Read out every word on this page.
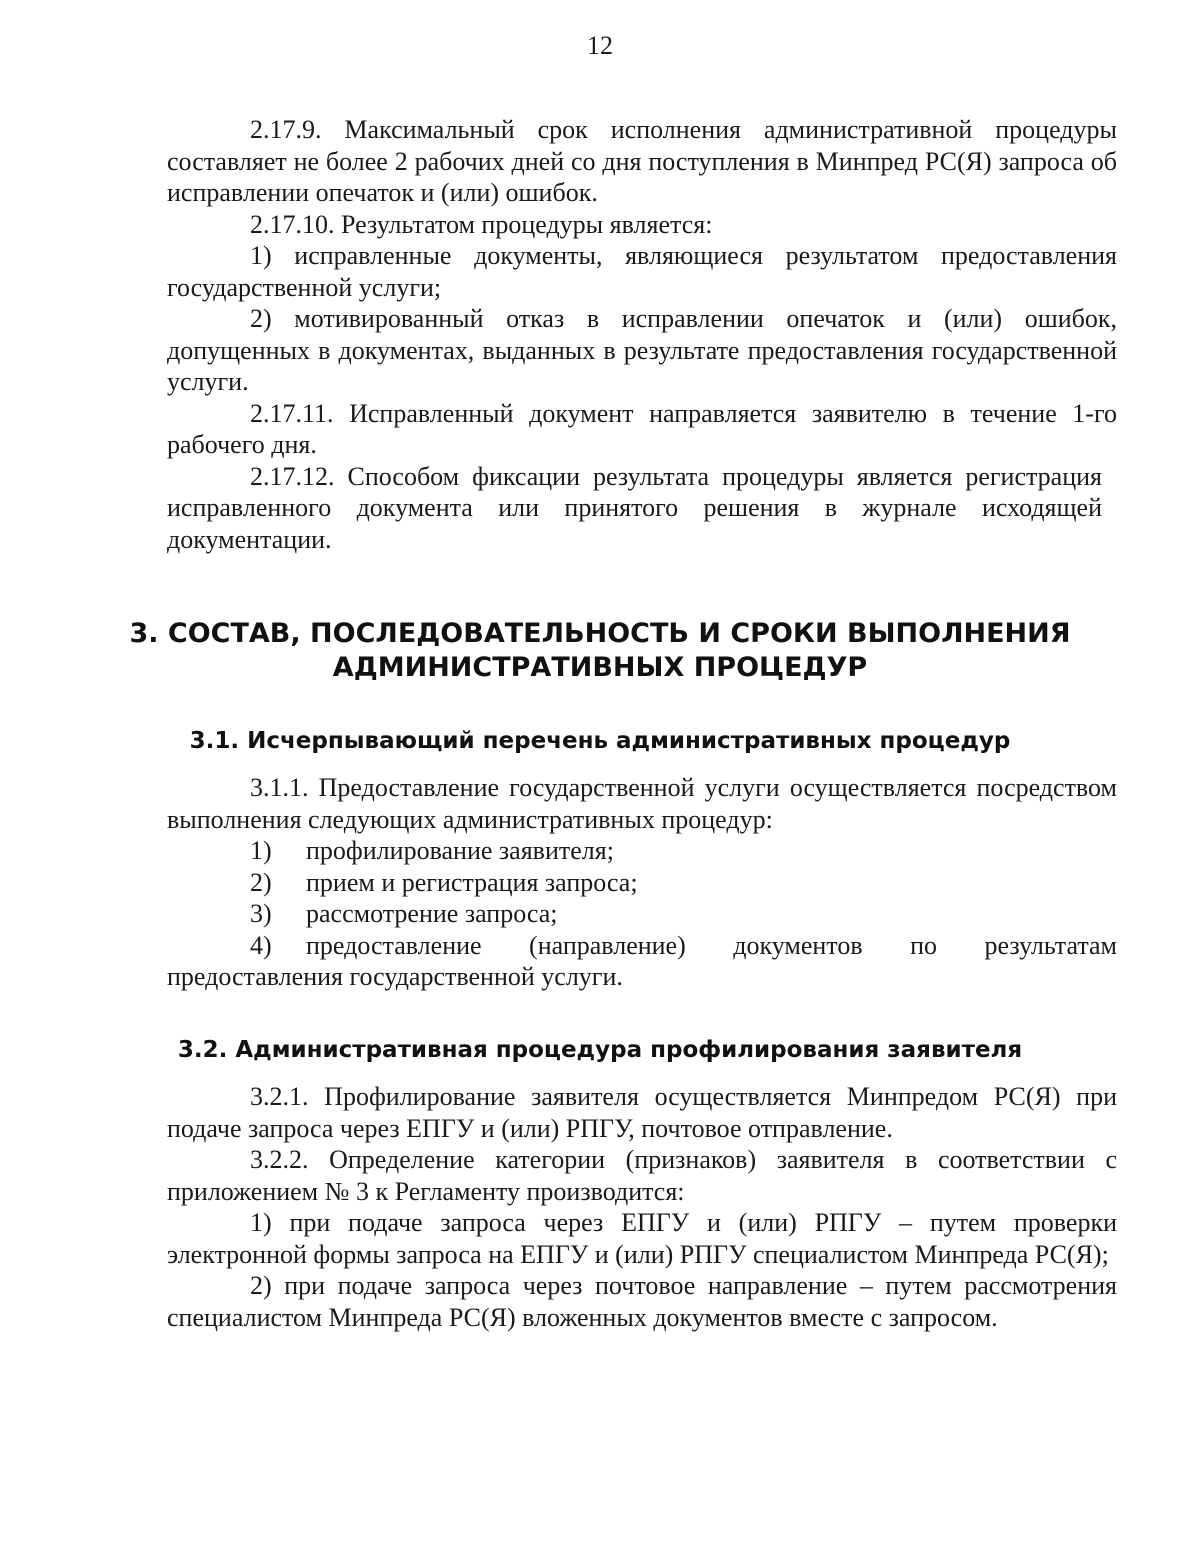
12

2.17.9. Максимальный срок исполнения административной процедуры составляет не более 2 рабочих дней со дня поступления в Минпред РС(Я) запроса об исправлении опечаток и (или) ошибок.

2.17.10. Результатом процедуры является:

1) исправленные документы, являющиеся результатом предоставления государственной услуги;

2) мотивированный отказ в исправлении опечаток и (или) ошибок, допущенных в документах, выданных в результате предоставления государственной услуги.

2.17.11. Исправленный документ направляется заявителю в течение 1-го рабочего дня.

2.17.12. Способом фиксации результата процедуры является регистрация исправленного документа или принятого решения в журнале исходящей документации.

3. СОСТАВ, ПОСЛЕДОВАТЕЛЬНОСТЬ И СРОКИ ВЫПОЛНЕНИЯ
АДМИНИСТРАТИВНЫХ ПРОЦЕДУР
3.1. Исчерпывающий перечень административных процедур

3.1.1. Предоставление государственной услуги осуществляется посредством выполнения следующих административных процедур:

1)	профилирование заявителя;
2)	прием и регистрация запроса;
3)	рассмотрение запроса;
4) предоставление (направление) документов по результатам предоставления государственной услуги.
3.2. Административная процедура профилирования заявителя

3.2.1. Профилирование заявителя осуществляется Минпредом РС(Я) при подаче запроса через ЕПГУ и (или) РПГУ, почтовое отправление.

3.2.2. Определение категории (признаков) заявителя в соответствии с приложением № 3 к Регламенту производится:

1) при подаче запроса через ЕПГУ и (или) РПГУ – путем проверки электронной формы запроса на ЕПГУ и (или) РПГУ специалистом Минпреда РС(Я);

2) при подаче запроса через почтовое направление – путем рассмотрения специалистом Минпреда РС(Я) вложенных документов вместе с запросом.
